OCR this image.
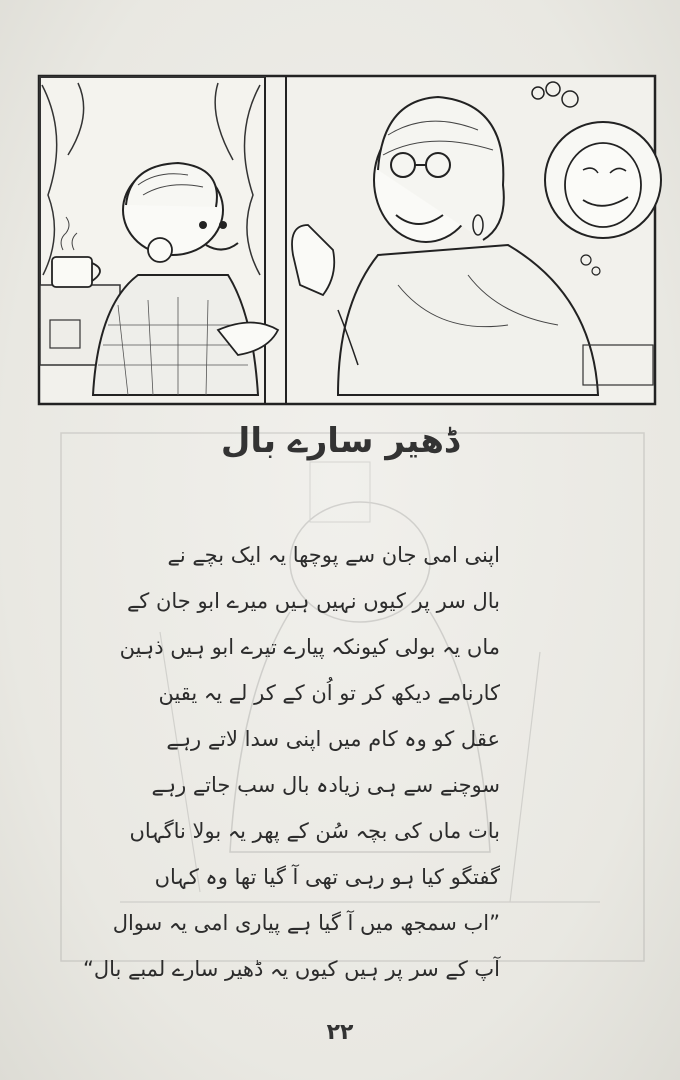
ڈھیر سارے بال
اپنی امی جان سے پوچھا یہ ایک بچے نے
بال سر پر کیوں نہیں ہیں میرے ابو جان کے
ماں یہ بولی کیونکہ پیارے تیرے ابو ہیں ذہین
کارنامے دیکھ کر تو اُن کے کر لے یہ یقین
عقل کو وہ کام میں اپنی سدا لاتے رہے
سوچنے سے ہی زیادہ بال سب جاتے رہے
بات ماں کی بچہ سُن کے پھر یہ بولا ناگہاں
گفتگو کیا ہو رہی تھی آ گیا تھا وہ کہاں
”اب سمجھ میں آ گیا ہے پیاری امی یہ سوال
آپ کے سر پر ہیں کیوں یہ ڈھیر سارے لمبے بال“
۲۲
